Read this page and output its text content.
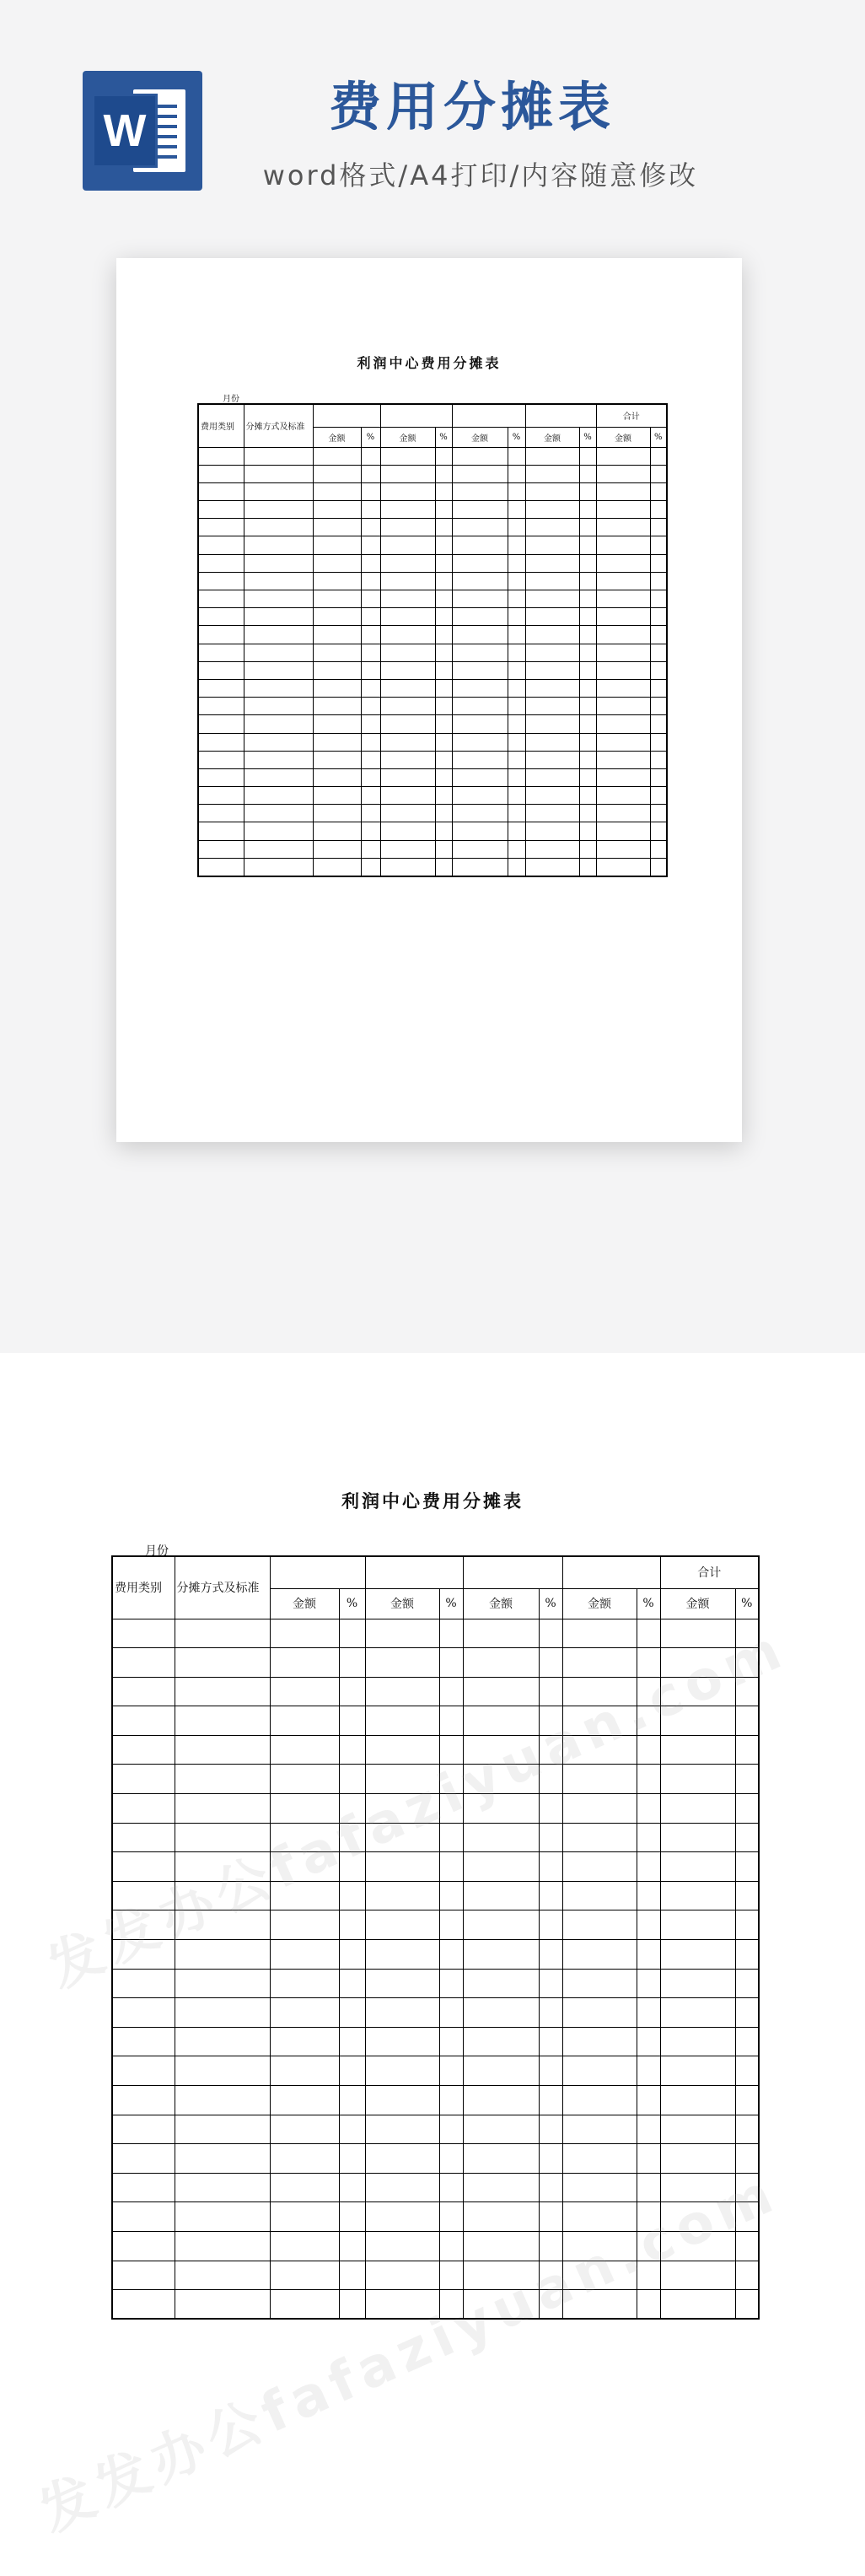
W	费用分摊表
word格式/A4打印/内容随意修改
利润中心费用分摊表
月份
费用类别	分摊方式及标准									合计	
		金额	%	金额	%	金额	%	金额	%	金额	%

利润中心费用分摊表
月份
费用类别	分摊方式及标准									合计	
		金额	%	金额	%	金额	%	金额	%	金额	%

发发办公fafaziyuan.com
发发办公fafaziyuan.com
